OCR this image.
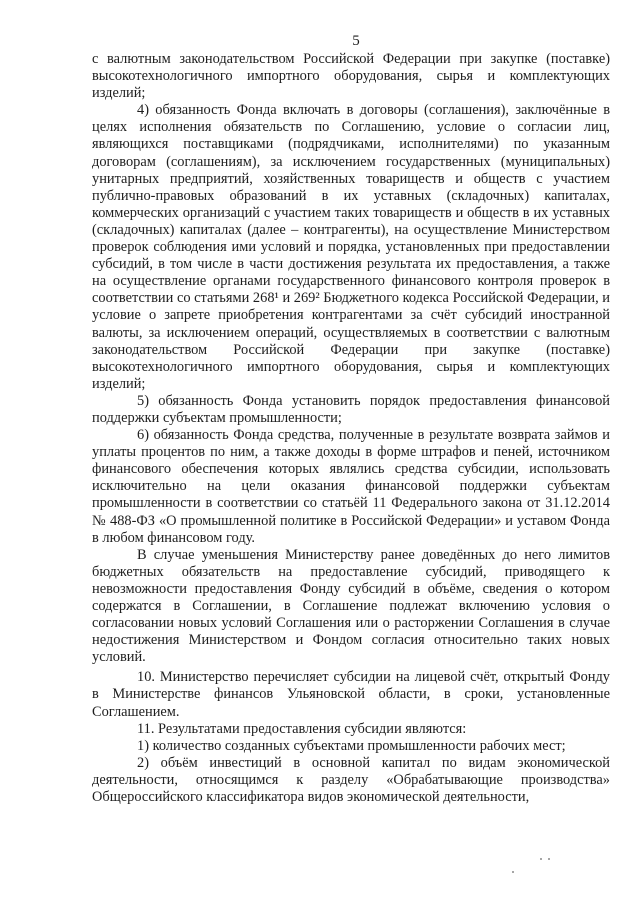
5

с валютным законодательством Российской Федерации при закупке (поставке) высокотехнологичного импортного оборудования, сырья и комплектующих изделий;

4) обязанность Фонда включать в договоры (соглашения), заключённые в целях исполнения обязательств по Соглашению, условие о согласии лиц, являющихся поставщиками (подрядчиками, исполнителями) по указанным договорам (соглашениям), за исключением государственных (муниципальных) унитарных предприятий, хозяйственных товариществ и обществ с участием публично-правовых образований в их уставных (складочных) капиталах, коммерческих организаций с участием таких товариществ и обществ в их уставных (складочных) капиталах (далее – контрагенты), на осуществление Министерством проверок соблюдения ими условий и порядка, установленных при предоставлении субсидий, в том числе в части достижения результата их предоставления, а также на осуществление органами государственного финансового контроля проверок в соответствии со статьями 268¹ и 269² Бюджетного кодекса Российской Федерации, и условие о запрете приобретения контрагентами за счёт субсидий иностранной валюты, за исключением операций, осуществляемых в соответствии с валютным законодательством Российской Федерации при закупке (поставке) высокотехнологичного импортного оборудования, сырья и комплектующих изделий;

5) обязанность Фонда установить порядок предоставления финансовой поддержки субъектам промышленности;

6) обязанность Фонда средства, полученные в результате возврата займов и уплаты процентов по ним, а также доходы в форме штрафов и пеней, источником финансового обеспечения которых являлись средства субсидии, использовать исключительно на цели оказания финансовой поддержки субъектам промышленности в соответствии со статьёй 11 Федерального закона от 31.12.2014 № 488-ФЗ «О промышленной политике в Российской Федерации» и уставом Фонда в любом финансовом году.

В случае уменьшения Министерству ранее доведённых до него лимитов бюджетных обязательств на предоставление субсидий, приводящего к невозможности предоставления Фонду субсидий в объёме, сведения о котором содержатся в Соглашении, в Соглашение подлежат включению условия о согласовании новых условий Соглашения или о расторжении Соглашения в случае недостижения Министерством и Фондом согласия относительно таких новых условий.

10. Министерство перечисляет субсидии на лицевой счёт, открытый Фонду в Министерстве финансов Ульяновской области, в сроки, установленные Соглашением.

11. Результатами предоставления субсидии являются:

1) количество созданных субъектами промышленности рабочих мест;

2) объём инвестиций в основной капитал по видам экономической деятельности, относящимся к разделу «Обрабатывающие производства» Общероссийского классификатора видов экономической деятельности,
